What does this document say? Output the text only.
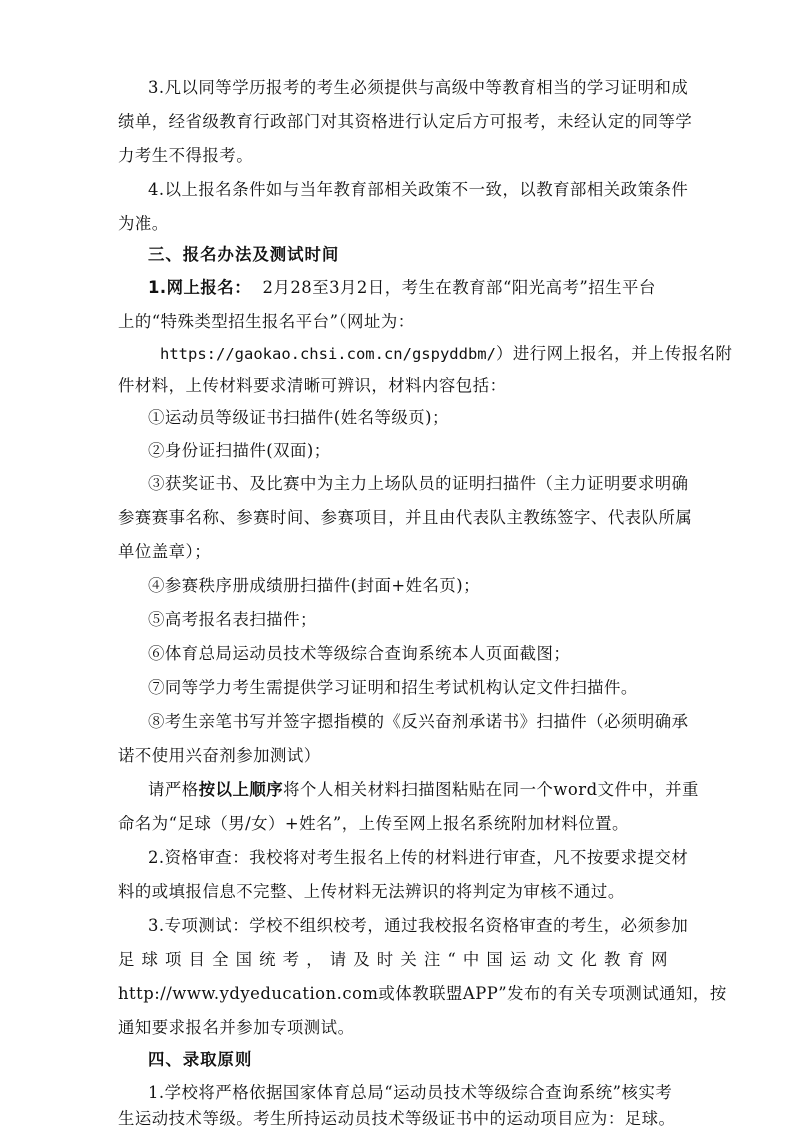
3.凡以同等学历报考的考生必须提供与高级中等教育相当的学习证明和成
绩单，经省级教育行政部门对其资格进行认定后方可报考，未经认定的同等学
力考生不得报考。
4.以上报名条件如与当年教育部相关政策不一致，以教育部相关政策条件
为准。
三、报名办法及测试时间
1.网上报名： 2月28至3月2日，考生在教育部“阳光高考”招生平台
上的“特殊类型招生报名平台”（网址为：
https://gaokao.chsi.com.cn/gspyddbm/）进行网上报名，并上传报名附
件材料，上传材料要求清晰可辨识，材料内容包括：
①运动员等级证书扫描件(姓名等级页)；
②身份证扫描件(双面)；
③获奖证书、及比赛中为主力上场队员的证明扫描件（主力证明要求明确
参赛赛事名称、参赛时间、参赛项目，并且由代表队主教练签字、代表队所属
单位盖章）；
④参赛秩序册成绩册扫描件(封面+姓名页)；
⑤高考报名表扫描件；
⑥体育总局运动员技术等级综合查询系统本人页面截图；
⑦同等学力考生需提供学习证明和招生考试机构认定文件扫描件。
⑧考生亲笔书写并签字摁指模的《反兴奋剂承诺书》扫描件（必须明确承
诺不使用兴奋剂参加测试）
请严格按以上顺序将个人相关材料扫描图粘贴在同一个word文件中，并重
命名为“足球（男/女）+姓名”，上传至网上报名系统附加材料位置。
2.资格审查：我校将对考生报名上传的材料进行审查，凡不按要求提交材
料的或填报信息不完整、上传材料无法辨识的将判定为审核不通过。
3.专项测试：学校不组织校考，通过我校报名资格审查的考生，必须参加
足球项目全国统考，请及时关注“中国运动文化教育网
http://www.ydyeducation.com或体教联盟APP”发布的有关专项测试通知，按
通知要求报名并参加专项测试。
四、录取原则
1.学校将严格依据国家体育总局“运动员技术等级综合查询系统”核实考
生运动技术等级。考生所持运动员技术等级证书中的运动项目应为：足球。
